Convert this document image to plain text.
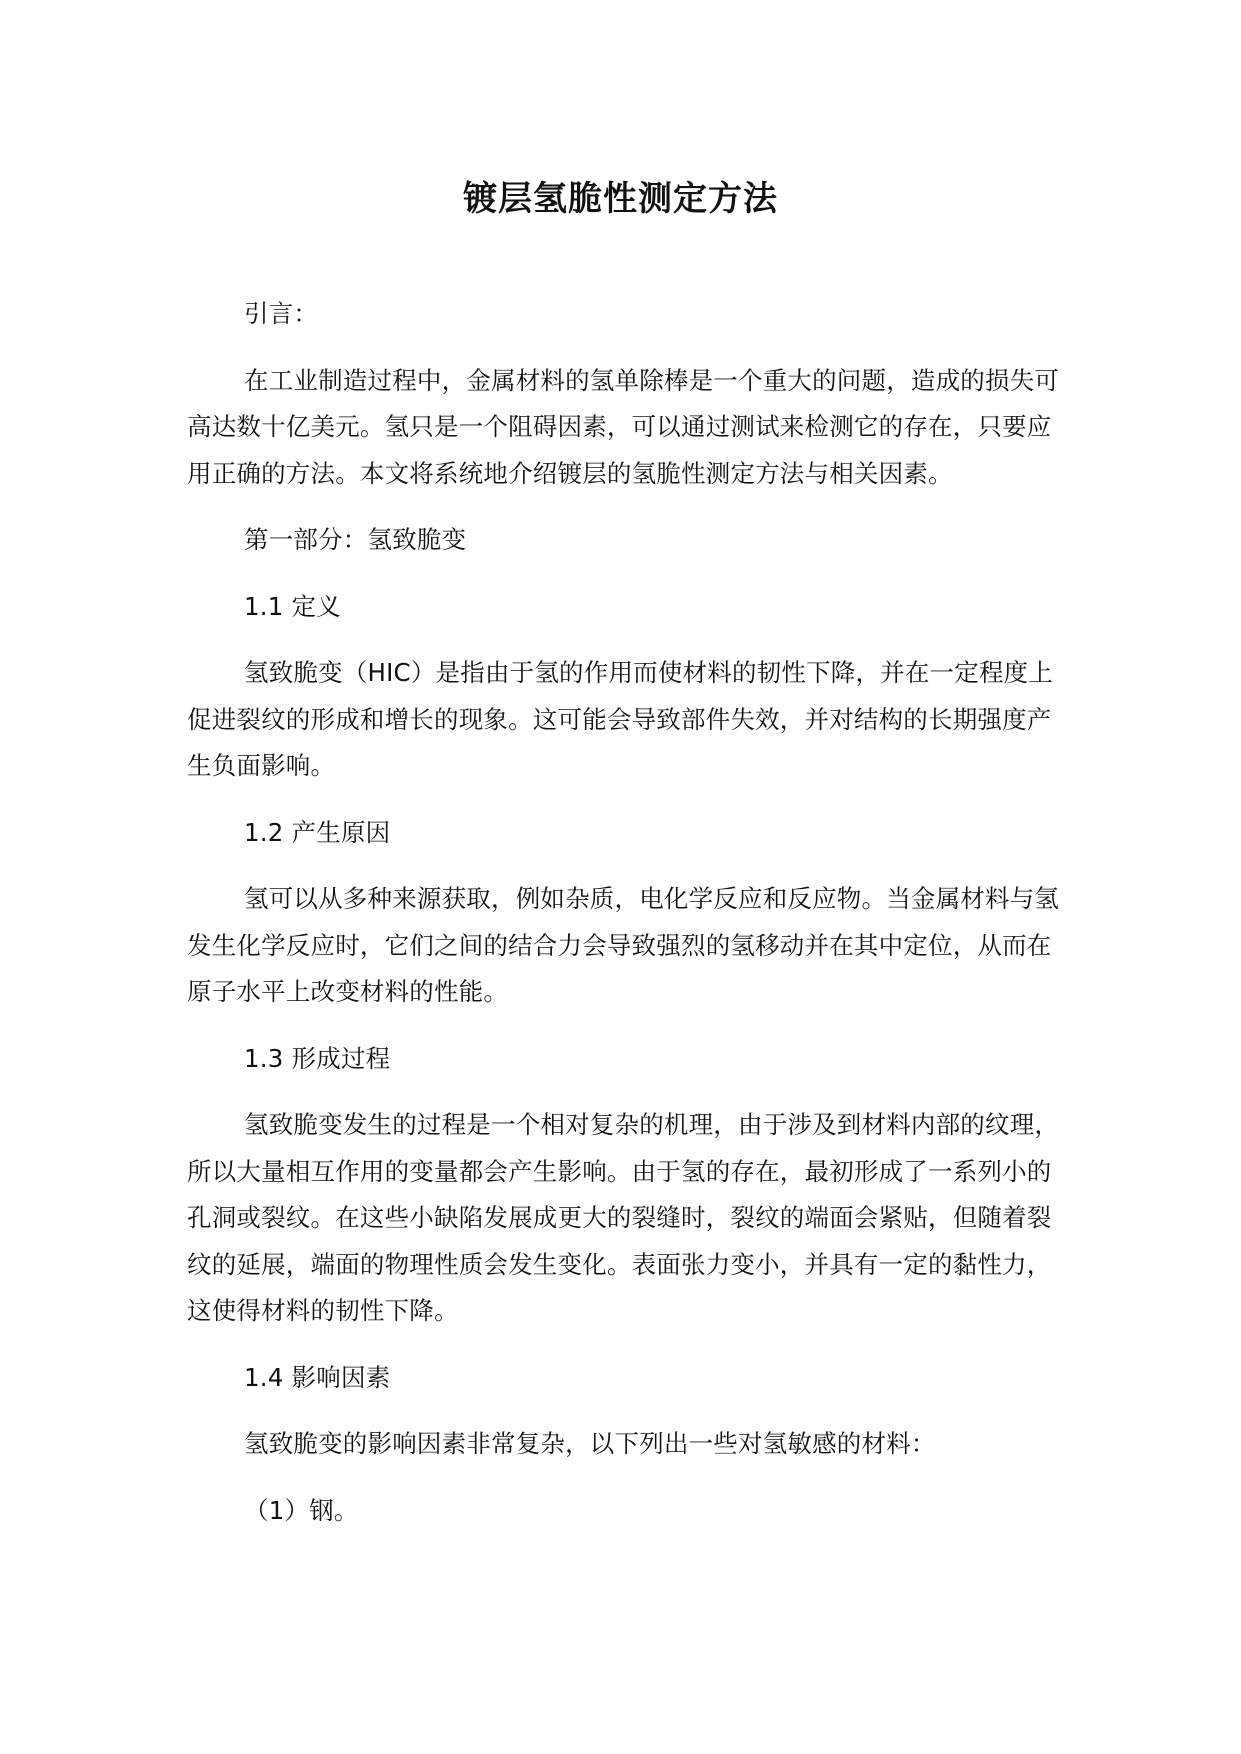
镀层氢脆性测定方法

引言：

在工业制造过程中，金属材料的氢单除棒是一个重大的问题，造成的损失可高达数十亿美元。氢只是一个阻碍因素，可以通过测试来检测它的存在，只要应用正确的方法。本文将系统地介绍镀层的氢脆性测定方法与相关因素。

第一部分：氢致脆变

1.1 定义

氢致脆变（HIC）是指由于氢的作用而使材料的韧性下降，并在一定程度上促进裂纹的形成和增长的现象。这可能会导致部件失效，并对结构的长期强度产生负面影响。

1.2 产生原因

氢可以从多种来源获取，例如杂质，电化学反应和反应物。当金属材料与氢发生化学反应时，它们之间的结合力会导致强烈的氢移动并在其中定位，从而在原子水平上改变材料的性能。

1.3 形成过程

氢致脆变发生的过程是一个相对复杂的机理，由于涉及到材料内部的纹理，所以大量相互作用的变量都会产生影响。由于氢的存在，最初形成了一系列小的孔洞或裂纹。在这些小缺陷发展成更大的裂缝时，裂纹的端面会紧贴，但随着裂纹的延展，端面的物理性质会发生变化。表面张力变小，并具有一定的黏性力，这使得材料的韧性下降。

1.4 影响因素

氢致脆变的影响因素非常复杂，以下列出一些对氢敏感的材料：

（1）钢。
